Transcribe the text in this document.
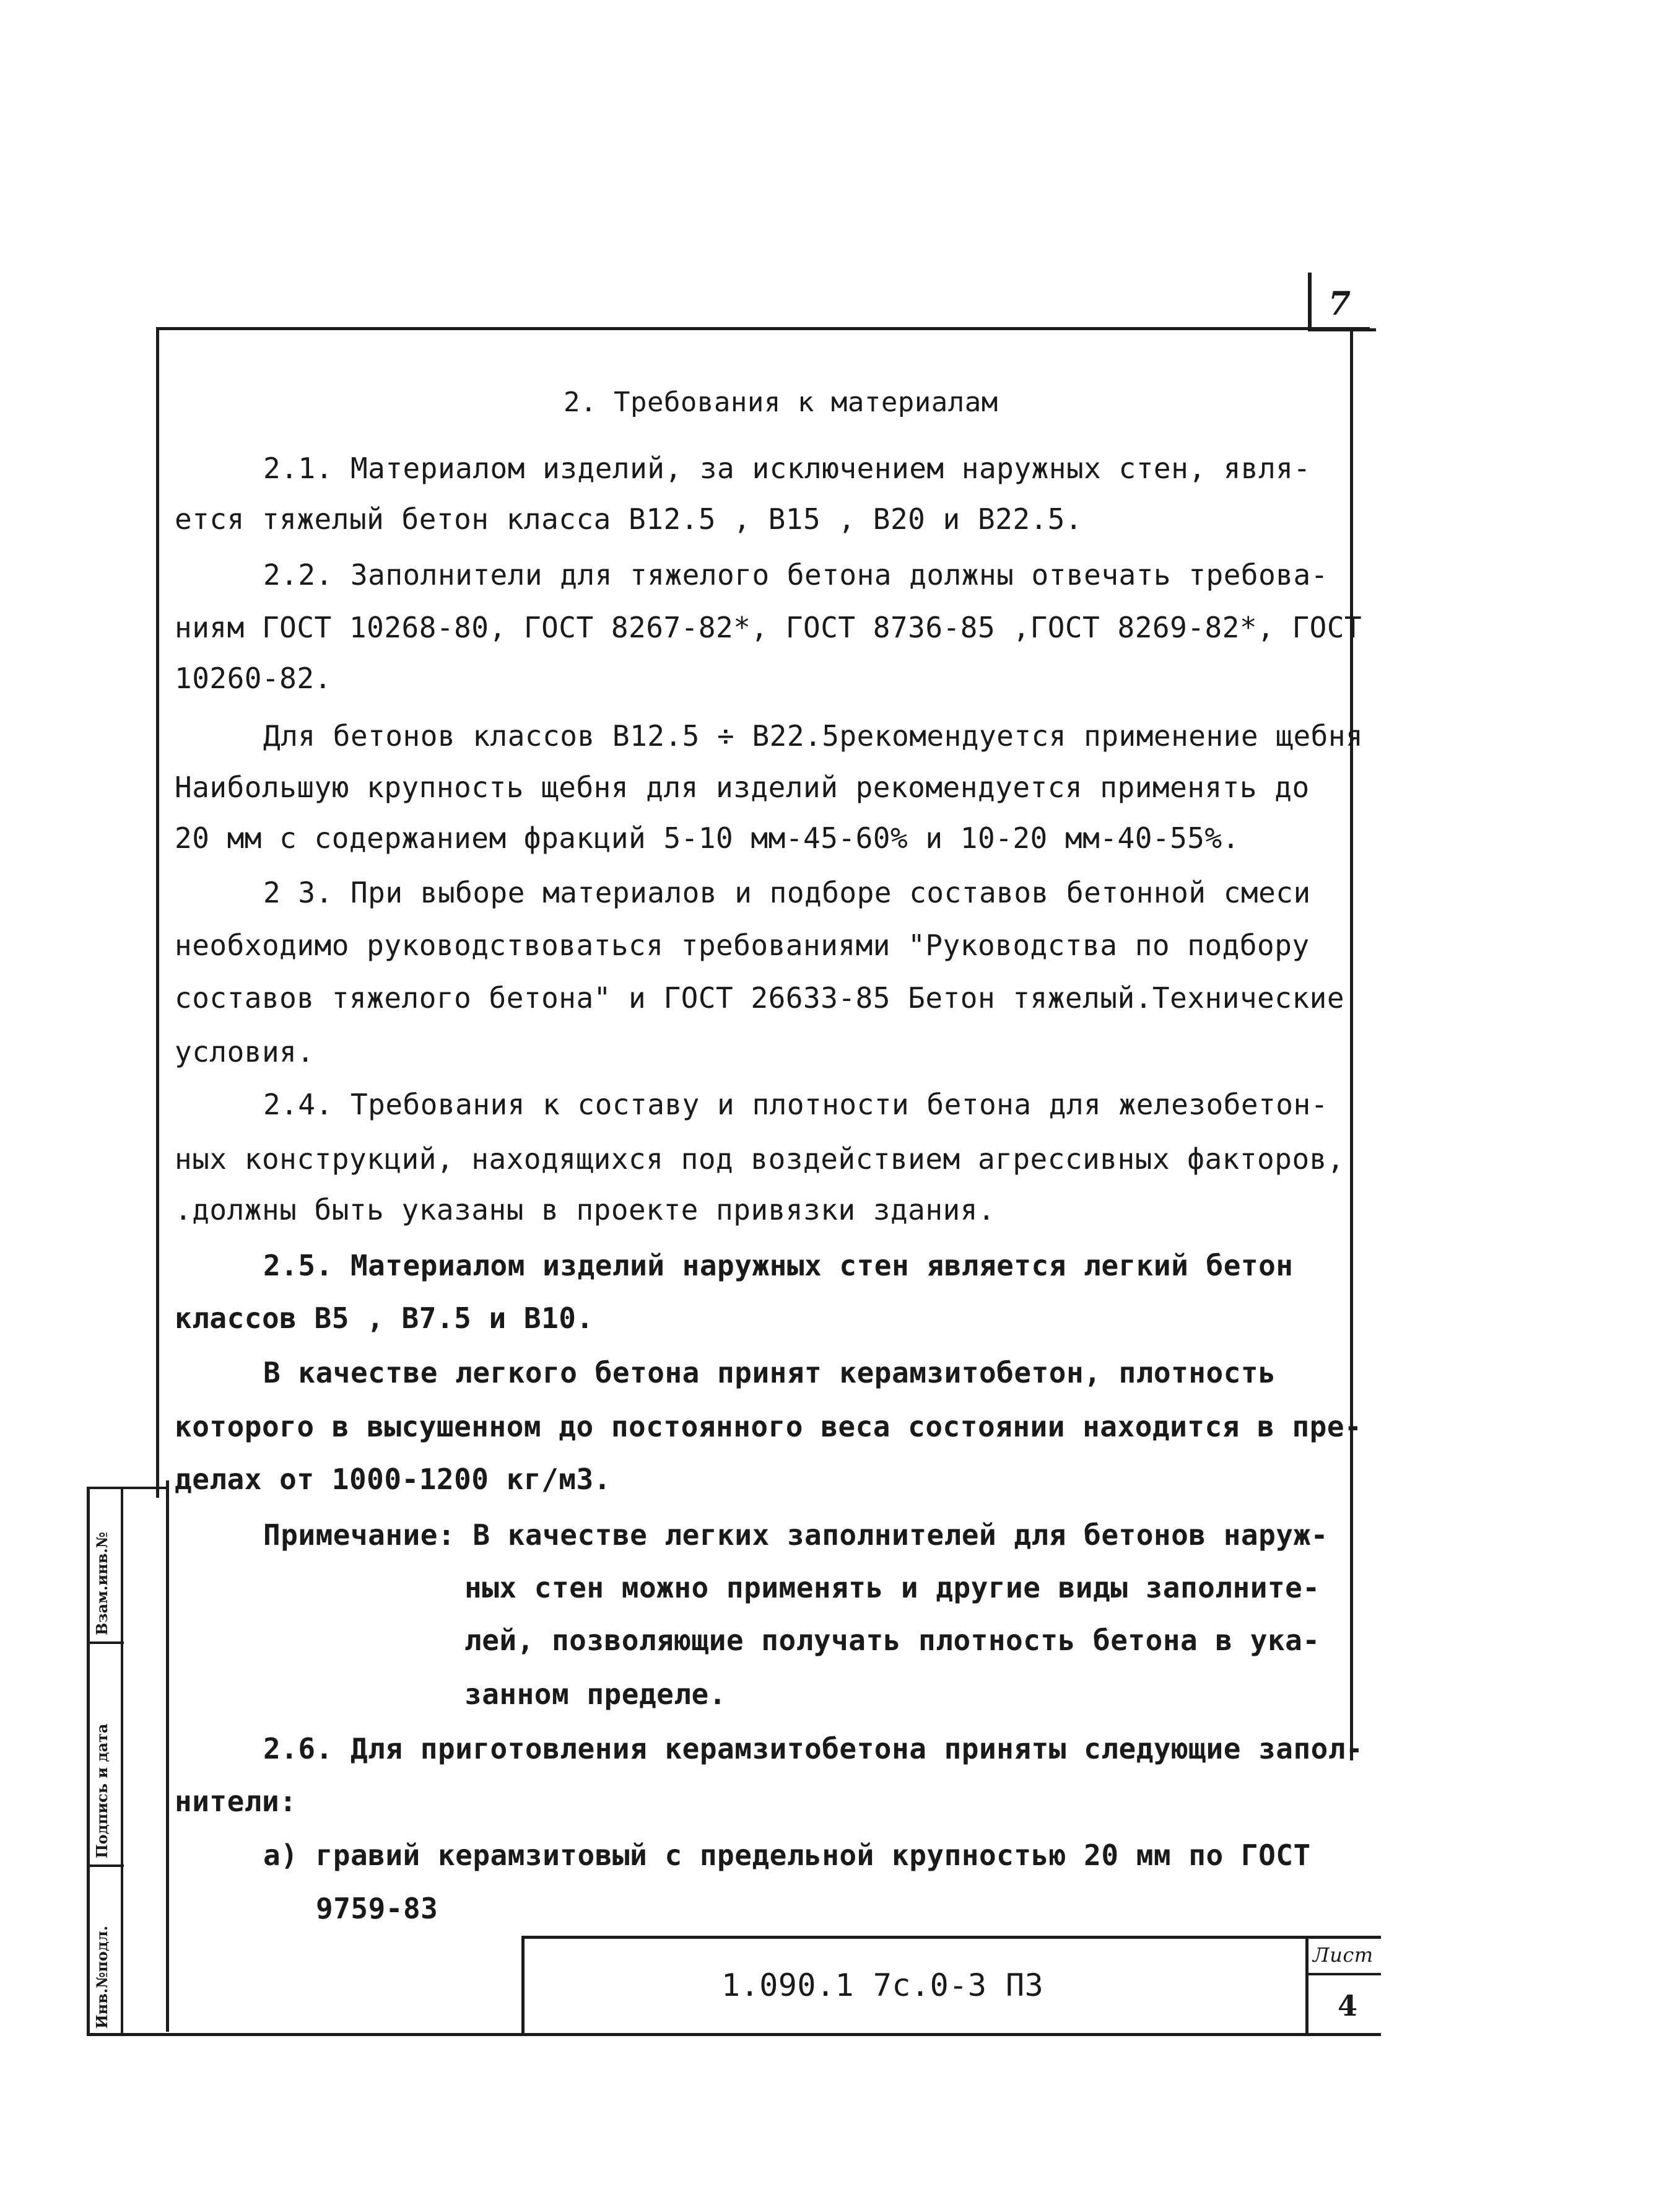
7
2. Требования к материалам
2.1. Материалом изделий, за исключением наружных стен, явля-
ется тяжелый бетон класса В12.5 , В15 , В20 и В22.5.
2.2. Заполнители для тяжелого бетона должны отвечать требова-
ниям ГОСТ 10268-80, ГОСТ 8267-82*, ГОСТ 8736-85 ,ГОСТ 8269-82*, ГОСТ
10260-82.
Для бетонов классов В12.5 ÷ В22.5рекомендуется применение щебня
Наибольшую крупность щебня для изделий рекомендуется применять до
20 мм с содержанием фракций 5-10 мм-45-60% и 10-20 мм-40-55%.
2 3. При выборе материалов и подборе составов бетонной смеси
необходимо руководствоваться требованиями "Руководства по подбору
составов тяжелого бетона" и ГОСТ 26633-85 Бетон тяжелый.Технические
условия.
2.4. Требования к составу и плотности бетона для железобетон-
ных конструкций, находящихся под воздействием агрессивных факторов,
.должны быть указаны в проекте привязки здания.
2.5. Материалом изделий наружных стен является легкий бетон
классов В5 , В7.5 и В10.
В качестве легкого бетона принят керамзитобетон, плотность
которого в высушенном до постоянного веса состоянии находится в пре-
делах от 1000-1200 кг/м3.
Примечание: В качестве легких заполнителей для бетонов наруж-
ных стен можно применять и другие виды заполните-
лей, позволяющие получать плотность бетона в ука-
занном пределе.
2.6. Для приготовления керамзитобетона приняты следующие запол-
нители:
а) гравий керамзитовый с предельной крупностью 20 мм по ГОСТ
9759-83
Взам.инв.№
Подпись и дата
Инв.№подл.	1.090.1 7с.0-3 ПЗ
Лист
4
